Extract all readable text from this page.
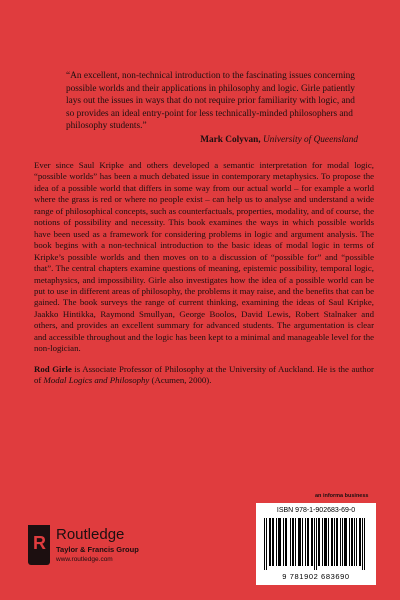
“An excellent, non-technical introduction to the fascinating issues concerning possible worlds and their applications in philosophy and logic. Girle patiently lays out the issues in ways that do not require prior familiarity with logic, and so provides an ideal entry-point for less technically-minded philosophers and philosophy students.”

Mark Colyvan, University of Queensland

Ever since Saul Kripke and others developed a semantic interpretation for modal logic, “possible worlds” has been a much debated issue in contemporary metaphysics. To propose the idea of a possible world that differs in some way from our actual world – for example a world where the grass is red or where no people exist – can help us to analyse and understand a wide range of philosophical concepts, such as counterfactuals, properties, modality, and of course, the notions of possibility and necessity. This book examines the ways in which possible worlds have been used as a framework for considering problems in logic and argument analysis. The book begins with a non-technical introduction to the basic ideas of modal logic in terms of Kripke’s possible worlds and then moves on to a discussion of “possible for” and “possible that”. The central chapters examine questions of meaning, epistemic possibility, temporal logic, metaphysics, and impossibility. Girle also investigates how the idea of a possible world can be put to use in different areas of philosophy, the problems it may raise, and the benefits that can be gained. The book surveys the range of current thinking, examining the ideas of Saul Kripke, Jaakko Hintikka, Raymond Smullyan, George Boolos, David Lewis, Robert Stalnaker and others, and provides an excellent summary for advanced students. The argumentation is clear and accessible throughout and the logic has been kept to a minimal and manageable level for the non-logician.

Rod Girle is Associate Professor of Philosophy at the University of Auckland. He is the author of Modal Logics and Philosophy (Acumen, 2000).

R Routledge
Taylor & Francis Group
www.routledge.com
an informa business
ISBN 978-1-902683-69-0
9 781902 683690
